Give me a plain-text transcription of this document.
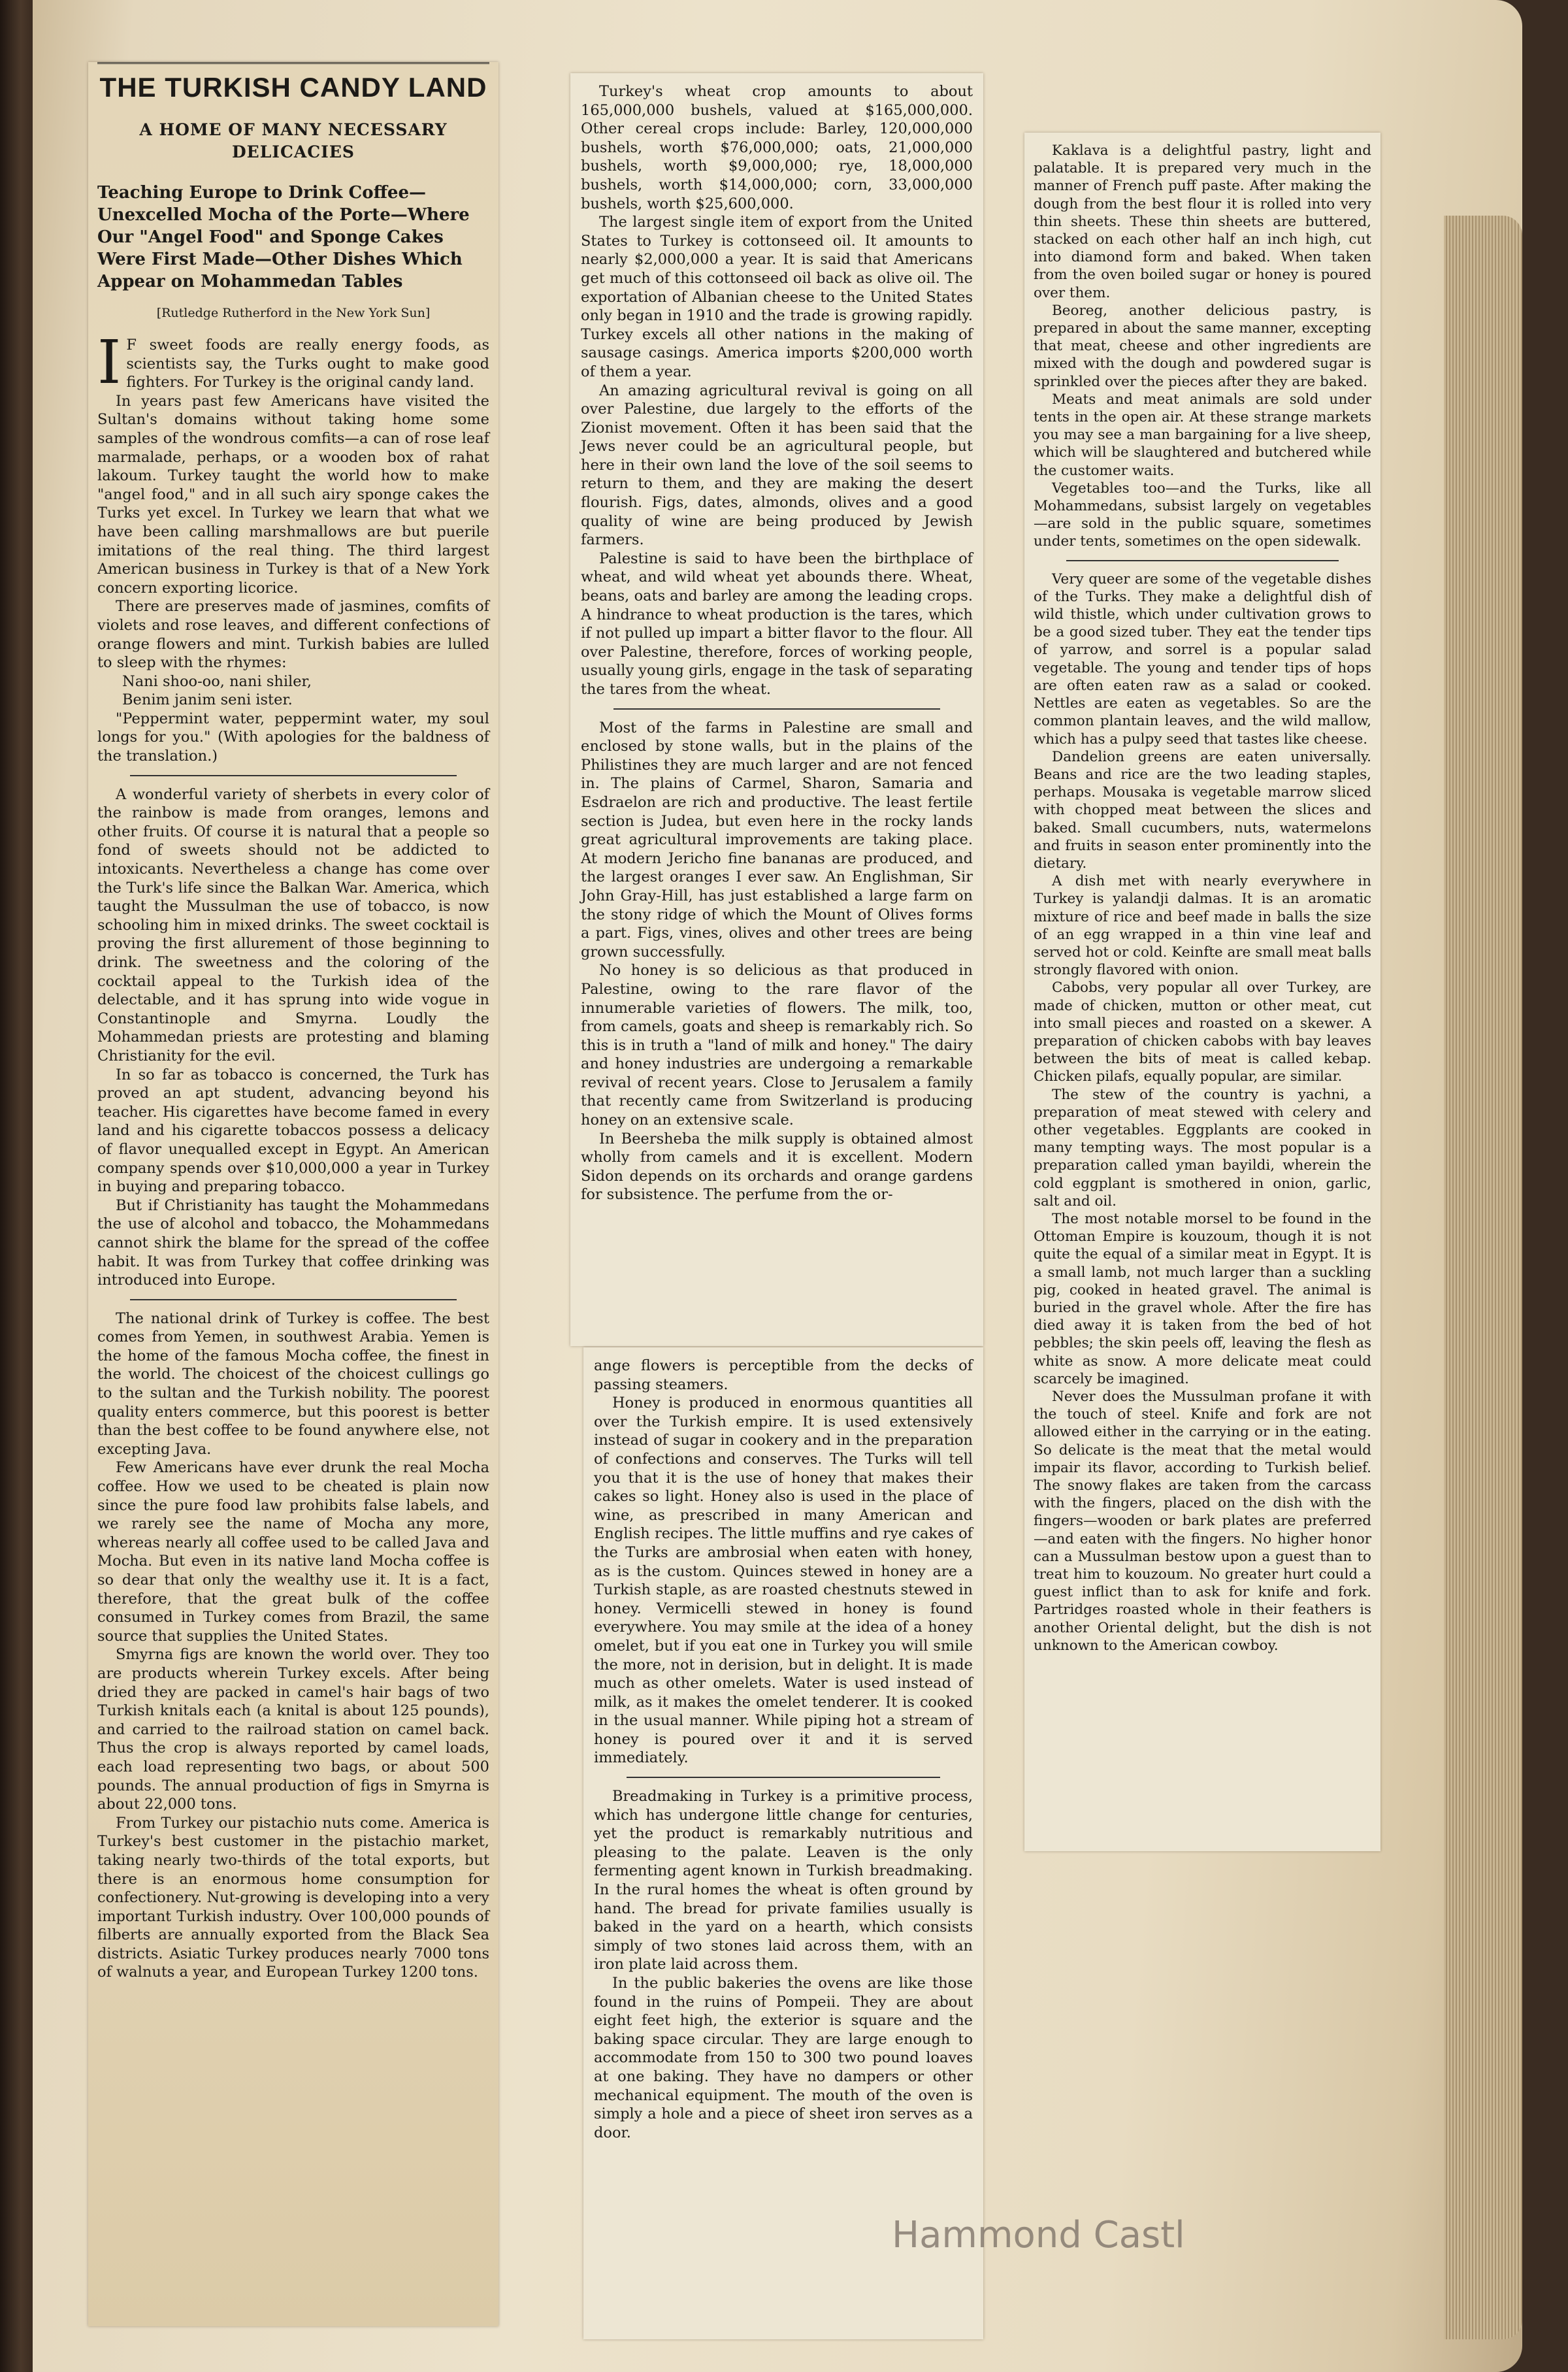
THE TURKISH CANDY LAND
A HOME OF MANY NECESSARY DELICACIES
Teaching Europe to Drink Coffee—Unexcelled Mocha of the Porte—Where Our "Angel Food" and Sponge Cakes Were First Made—Other Dishes Which Appear on Mohammedan Tables
[Rutledge Rutherford in the New York Sun]

I F sweet foods are really energy foods, as scientists say, the Turks ought to make good fighters. For Turkey is the original candy land.

In years past few Americans have visited the Sultan's domains without taking home some samples of the wondrous comfits—a can of rose leaf marmalade, perhaps, or a wooden box of rahat lakoum. Turkey taught the world how to make "angel food," and in all such airy sponge cakes the Turks yet excel. In Turkey we learn that what we have been calling marshmallows are but puerile imitations of the real thing. The third largest American business in Turkey is that of a New York concern exporting licorice.

There are preserves made of jasmines, comfits of violets and rose leaves, and different confections of orange flowers and mint. Turkish babies are lulled to sleep with the rhymes:

Nani shoo-oo, nani shiler,

Benim janim seni ister.

"Peppermint water, peppermint water, my soul longs for you." (With apologies for the baldness of the translation.)

A wonderful variety of sherbets in every color of the rainbow is made from oranges, lemons and other fruits. Of course it is natural that a people so fond of sweets should not be addicted to intoxicants. Nevertheless a change has come over the Turk's life since the Balkan War. America, which taught the Mussulman the use of tobacco, is now schooling him in mixed drinks. The sweet cocktail is proving the first allurement of those beginning to drink. The sweetness and the coloring of the cocktail appeal to the Turkish idea of the delectable, and it has sprung into wide vogue in Constantinople and Smyrna. Loudly the Mohammedan priests are protesting and blaming Christianity for the evil.

In so far as tobacco is concerned, the Turk has proved an apt student, advancing beyond his teacher. His cigarettes have become famed in every land and his cigarette tobaccos possess a delicacy of flavor unequalled except in Egypt. An American company spends over $10,000,000 a year in Turkey in buying and preparing tobacco.

But if Christianity has taught the Mohammedans the use of alcohol and tobacco, the Mohammedans cannot shirk the blame for the spread of the coffee habit. It was from Turkey that coffee drinking was introduced into Europe.

The national drink of Turkey is coffee. The best comes from Yemen, in southwest Arabia. Yemen is the home of the famous Mocha coffee, the finest in the world. The choicest of the choicest cullings go to the sultan and the Turkish nobility. The poorest quality enters commerce, but this poorest is better than the best coffee to be found anywhere else, not excepting Java.

Few Americans have ever drunk the real Mocha coffee. How we used to be cheated is plain now since the pure food law prohibits false labels, and we rarely see the name of Mocha any more, whereas nearly all coffee used to be called Java and Mocha. But even in its native land Mocha coffee is so dear that only the wealthy use it. It is a fact, therefore, that the great bulk of the coffee consumed in Turkey comes from Brazil, the same source that supplies the United States.

Smyrna figs are known the world over. They too are products wherein Turkey excels. After being dried they are packed in camel's hair bags of two Turkish knitals each (a knital is about 125 pounds), and carried to the railroad station on camel back. Thus the crop is always reported by camel loads, each load representing two bags, or about 500 pounds. The annual production of figs in Smyrna is about 22,000 tons.

From Turkey our pistachio nuts come. America is Turkey's best customer in the pistachio market, taking nearly two-thirds of the total exports, but there is an enormous home consumption for confectionery. Nut-growing is developing into a very important Turkish industry. Over 100,000 pounds of filberts are annually exported from the Black Sea districts. Asiatic Turkey produces nearly 7000 tons of walnuts a year, and European Turkey 1200 tons.

Turkey's wheat crop amounts to about 165,000,000 bushels, valued at $165,000,000. Other cereal crops include: Barley, 120,000,000 bushels, worth $76,000,000; oats, 21,000,000 bushels, worth $9,000,000; rye, 18,000,000 bushels, worth $14,000,000; corn, 33,000,000 bushels, worth $25,600,000.

The largest single item of export from the United States to Turkey is cottonseed oil. It amounts to nearly $2,000,000 a year. It is said that Americans get much of this cottonseed oil back as olive oil. The exportation of Albanian cheese to the United States only began in 1910 and the trade is growing rapidly. Turkey excels all other nations in the making of sausage casings. America imports $200,000 worth of them a year.

An amazing agricultural revival is going on all over Palestine, due largely to the efforts of the Zionist movement. Often it has been said that the Jews never could be an agricultural people, but here in their own land the love of the soil seems to return to them, and they are making the desert flourish. Figs, dates, almonds, olives and a good quality of wine are being produced by Jewish farmers.

Palestine is said to have been the birthplace of wheat, and wild wheat yet abounds there. Wheat, beans, oats and barley are among the leading crops. A hindrance to wheat production is the tares, which if not pulled up impart a bitter flavor to the flour. All over Palestine, therefore, forces of working people, usually young girls, engage in the task of separating the tares from the wheat.

Most of the farms in Palestine are small and enclosed by stone walls, but in the plains of the Philistines they are much larger and are not fenced in. The plains of Carmel, Sharon, Samaria and Esdraelon are rich and productive. The least fertile section is Judea, but even here in the rocky lands great agricultural improvements are taking place. At modern Jericho fine bananas are produced, and the largest oranges I ever saw. An Englishman, Sir John Gray-Hill, has just established a large farm on the stony ridge of which the Mount of Olives forms a part. Figs, vines, olives and other trees are being grown successfully.

No honey is so delicious as that produced in Palestine, owing to the rare flavor of the innumerable varieties of flowers. The milk, too, from camels, goats and sheep is remarkably rich. So this is in truth a "land of milk and honey." The dairy and honey industries are undergoing a remarkable revival of recent years. Close to Jerusalem a family that recently came from Switzerland is producing honey on an extensive scale.

In Beersheba the milk supply is obtained almost wholly from camels and it is excellent. Modern Sidon depends on its orchards and orange gardens for subsistence. The perfume from the or-

ange flowers is perceptible from the decks of passing steamers.

Honey is produced in enormous quantities all over the Turkish empire. It is used extensively instead of sugar in cookery and in the preparation of confections and conserves. The Turks will tell you that it is the use of honey that makes their cakes so light. Honey also is used in the place of wine, as prescribed in many American and English recipes. The little muffins and rye cakes of the Turks are ambrosial when eaten with honey, as is the custom. Quinces stewed in honey are a Turkish staple, as are roasted chestnuts stewed in honey. Vermicelli stewed in honey is found everywhere. You may smile at the idea of a honey omelet, but if you eat one in Turkey you will smile the more, not in derision, but in delight. It is made much as other omelets. Water is used instead of milk, as it makes the omelet tenderer. It is cooked in the usual manner. While piping hot a stream of honey is poured over it and it is served immediately.

Breadmaking in Turkey is a primitive process, which has undergone little change for centuries, yet the product is remarkably nutritious and pleasing to the palate. Leaven is the only fermenting agent known in Turkish breadmaking. In the rural homes the wheat is often ground by hand. The bread for private families usually is baked in the yard on a hearth, which consists simply of two stones laid across them, with an iron plate laid across them.

In the public bakeries the ovens are like those found in the ruins of Pompeii. They are about eight feet high, the exterior is square and the baking space circular. They are large enough to accommodate from 150 to 300 two pound loaves at one baking. They have no dampers or other mechanical equipment. The mouth of the oven is simply a hole and a piece of sheet iron serves as a door.

Kaklava is a delightful pastry, light and palatable. It is prepared very much in the manner of French puff paste. After making the dough from the best flour it is rolled into very thin sheets. These thin sheets are buttered, stacked on each other half an inch high, cut into diamond form and baked. When taken from the oven boiled sugar or honey is poured over them.

Beoreg, another delicious pastry, is prepared in about the same manner, excepting that meat, cheese and other ingredients are mixed with the dough and powdered sugar is sprinkled over the pieces after they are baked.

Meats and meat animals are sold under tents in the open air. At these strange markets you may see a man bargaining for a live sheep, which will be slaughtered and butchered while the customer waits.

Vegetables too—and the Turks, like all Mohammedans, subsist largely on vegetables—are sold in the public square, sometimes under tents, sometimes on the open sidewalk.

Very queer are some of the vegetable dishes of the Turks. They make a delightful dish of wild thistle, which under cultivation grows to be a good sized tuber. They eat the tender tips of yarrow, and sorrel is a popular salad vegetable. The young and tender tips of hops are often eaten raw as a salad or cooked. Nettles are eaten as vegetables. So are the common plantain leaves, and the wild mallow, which has a pulpy seed that tastes like cheese.

Dandelion greens are eaten universally. Beans and rice are the two leading staples, perhaps. Mousaka is vegetable marrow sliced with chopped meat between the slices and baked. Small cucumbers, nuts, watermelons and fruits in season enter prominently into the dietary.

A dish met with nearly everywhere in Turkey is yalandji dalmas. It is an aromatic mixture of rice and beef made in balls the size of an egg wrapped in a thin vine leaf and served hot or cold. Keinfte are small meat balls strongly flavored with onion.

Cabobs, very popular all over Turkey, are made of chicken, mutton or other meat, cut into small pieces and roasted on a skewer. A preparation of chicken cabobs with bay leaves between the bits of meat is called kebap. Chicken pilafs, equally popular, are similar.

The stew of the country is yachni, a preparation of meat stewed with celery and other vegetables. Eggplants are cooked in many tempting ways. The most popular is a preparation called yman bayildi, wherein the cold eggplant is smothered in onion, garlic, salt and oil.

The most notable morsel to be found in the Ottoman Empire is kouzoum, though it is not quite the equal of a similar meat in Egypt. It is a small lamb, not much larger than a suckling pig, cooked in heated gravel. The animal is buried in the gravel whole. After the fire has died away it is taken from the bed of hot pebbles; the skin peels off, leaving the flesh as white as snow. A more delicate meat could scarcely be imagined.

Never does the Mussulman profane it with the touch of steel. Knife and fork are not allowed either in the carrying or in the eating. So delicate is the meat that the metal would impair its flavor, according to Turkish belief. The snowy flakes are taken from the carcass with the fingers, placed on the dish with the fingers—wooden or bark plates are preferred—and eaten with the fingers. No higher honor can a Mussulman bestow upon a guest than to treat him to kouzoum. No greater hurt could a guest inflict than to ask for knife and fork. Partridges roasted whole in their feathers is another Oriental delight, but the dish is not unknown to the American cowboy.

Hammond Castl
